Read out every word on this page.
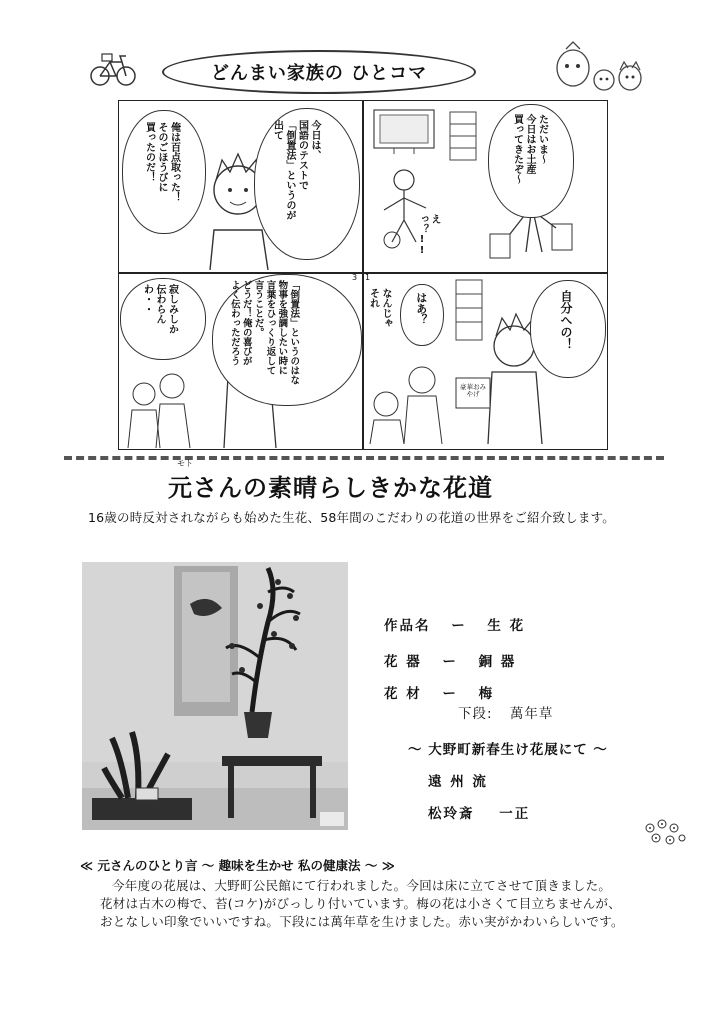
どんまい家族の ひとコマ
3 1
ただいま～
今日はお土産
買ってきたぞ～
えっ？!!
今日は、
国語のテストで
「倒置法」というのが
出て
俺は百点取った！
そのごほうびに
買ったのだ！
豪華おみやげ
自分への！
はあ？
なんじゃ
それ
「倒置法」というのはな
物事を強調したい時に
言葉をひっくり返して
言うことだ。
どうだ！俺の喜びが
よく伝わっただろう
寂しみしか
伝わらん
わ・・
モト
元さんの素晴らしきかな花道
16歳の時反対されながらも始めた生花、58年間のこだわりの花道の世界をご紹介致します。
作品名 ー 生 花
花 器 ー 銅 器
花 材 ー 梅
下段: 萬年草
～ 大野町新春生け花展にて ～
遠 州 流
松玲斎 一正
≪ 元さんのひとり言 ～ 趣味を生かせ 私の健康法 ～ ≫
今年度の花展は、大野町公民館にて行われました。今回は床に立てさせて頂きました。
花材は古木の梅で、苔(コケ)がびっしり付いています。梅の花は小さくて目立ちませんが、
おとなしい印象でいいですね。下段には萬年草を生けました。赤い実がかわいらしいです。
